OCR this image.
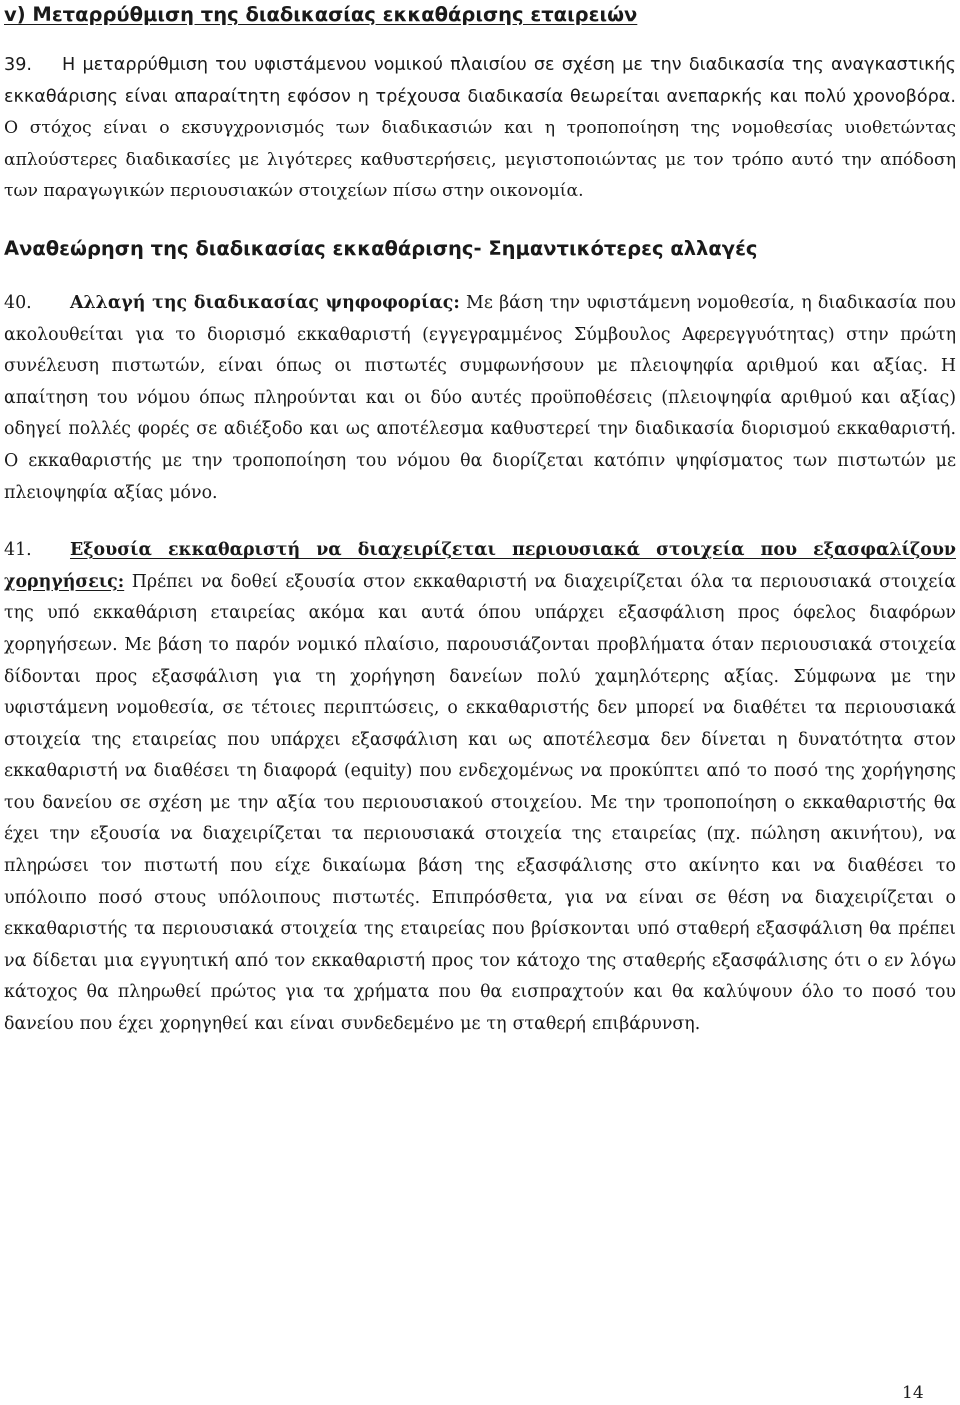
v) Μεταρρύθμιση της διαδικασίας εκκαθάρισης εταιρειών

39. Η μεταρρύθμιση του υφιστάμενου νομικού πλαισίου σε σχέση με την διαδικασία της αναγκαστικής εκκαθάρισης είναι απαραίτητη εφόσον η τρέχουσα διαδικασία θεωρείται ανεπαρκής και πολύ χρονοβόρα. Ο στόχος είναι ο εκσυγχρονισμός των διαδικασιών και η τροποποίηση της νομοθεσίας υιοθετώντας απλούστερες διαδικασίες με λιγότερες καθυστερήσεις, μεγιστοποιώντας με τον τρόπο αυτό την απόδοση των παραγωγικών περιουσιακών στοιχείων πίσω στην οικονομία.

Αναθεώρηση της διαδικασίας εκκαθάρισης- Σημαντικότερες αλλαγές

40. Αλλαγή της διαδικασίας ψηφοφορίας: Με βάση την υφιστάμενη νομοθεσία, η διαδικασία που ακολουθείται για το διορισμό εκκαθαριστή (εγγεγραμμένος Σύμβουλος Αφερεγγυότητας) στην πρώτη συνέλευση πιστωτών, είναι όπως οι πιστωτές συμφωνήσουν με πλειοψηφία αριθμού και αξίας. Η απαίτηση του νόμου όπως πληρούνται και οι δύο αυτές προϋποθέσεις (πλειοψηφία αριθμού και αξίας) οδηγεί πολλές φορές σε αδιέξοδο και ως αποτέλεσμα καθυστερεί την διαδικασία διορισμού εκκαθαριστή. Ο εκκαθαριστής με την τροποποίηση του νόμου θα διορίζεται κατόπιν ψηφίσματος των πιστωτών με πλειοψηφία αξίας μόνο.

41. Εξουσία εκκαθαριστή να διαχειρίζεται περιουσιακά στοιχεία που εξασφαλίζουν χορηγήσεις: Πρέπει να δοθεί εξουσία στον εκκαθαριστή να διαχειρίζεται όλα τα περιουσιακά στοιχεία της υπό εκκαθάριση εταιρείας ακόμα και αυτά όπου υπάρχει εξασφάλιση προς όφελος διαφόρων χορηγήσεων. Με βάση το παρόν νομικό πλαίσιο, παρουσιάζονται προβλήματα όταν περιουσιακά στοιχεία δίδονται προς εξασφάλιση για τη χορήγηση δανείων πολύ χαμηλότερης αξίας. Σύμφωνα με την υφιστάμενη νομοθεσία, σε τέτοιες περιπτώσεις, ο εκκαθαριστής δεν μπορεί να διαθέτει τα περιουσιακά στοιχεία της εταιρείας που υπάρχει εξασφάλιση και ως αποτέλεσμα δεν δίνεται η δυνατότητα στον εκκαθαριστή να διαθέσει τη διαφορά (equity) που ενδεχομένως να προκύπτει από το ποσό της χορήγησης του δανείου σε σχέση με την αξία του περιουσιακού στοιχείου. Με την τροποποίηση ο εκκαθαριστής θα έχει την εξουσία να διαχειρίζεται τα περιουσιακά στοιχεία της εταιρείας (πχ. πώληση ακινήτου), να πληρώσει τον πιστωτή που είχε δικαίωμα βάση της εξασφάλισης στο ακίνητο και να διαθέσει το υπόλοιπο ποσό στους υπόλοιπους πιστωτές. Επιπρόσθετα, για να είναι σε θέση να διαχειρίζεται ο εκκαθαριστής τα περιουσιακά στοιχεία της εταιρείας που βρίσκονται υπό σταθερή εξασφάλιση θα πρέπει να δίδεται μια εγγυητική από τον εκκαθαριστή προς τον κάτοχο της σταθερής εξασφάλισης ότι ο εν λόγω κάτοχος θα πληρωθεί πρώτος για τα χρήματα που θα εισπραχτούν και θα καλύψουν όλο το ποσό του δανείου που έχει χορηγηθεί και είναι συνδεδεμένο με τη σταθερή επιβάρυνση.

14
